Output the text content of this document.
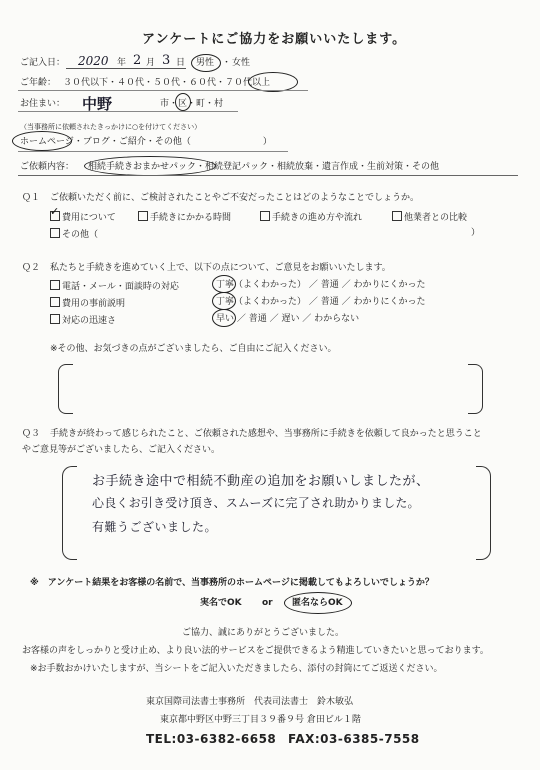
アンケートにご協力をお願いいたします。
ご記入日： 2020 年 2 月 3 日 男性 ・ 女性
ご年齢： ３０代以下・４０代・５０代・６０代・７０代以上
お住まい： 中野	市・区・町・村
（当事務所に依頼されたきっかけに○を付けてください）
ホームページ・ブログ・ご紹介・その他（　　　　　　　　）
ご依頼内容： 相続手続きおまかせパック・相続登記パック・相続放棄・遺言作成・生前対策・その他
Ｑ１ ご依頼いただく前に、ご検討されたことやご不安だったことはどのようなことでしょうか。
✓ 費用について	手続きにかかる時間	手続きの進め方や流れ	他業者との比較
その他（	）
Ｑ２ 私たちと手続きを進めていく上で、以下の点について、ご意見をお願いいたします。
電話・メール・面談時の対応	丁寧（よくわかった） ／ 普通 ／ わかりにくかった
費用の事前説明	丁寧（よくわかった） ／ 普通 ／ わかりにくかった
対応の迅速さ	早い ／ 普通 ／ 遅い ／ わからない
※その他、お気づきの点がございましたら、ご自由にご記入ください。
Ｑ３ 手続きが終わって感じられたこと、ご依頼された感想や、当事務所に手続きを依頼して良かったと思うこと
やご意見等がございましたら、ご記入ください。
お手続き途中で相続不動産の追加をお願いしましたが、
心良くお引き受け頂き、スムーズに完了され助かりました。
有難うございました。
※　アンケート結果をお客様の名前で、当事務所のホームページに掲載してもよろしいでしょうか？
実名でOK or 匿名ならOK
ご協力、誠にありがとうございました。
お客様の声をしっかりと受け止め、より良い法的サービスをご提供できるよう精進していきたいと思っております。
※お手数おかけいたしますが、当シートをご記入いただきましたら、添付の封筒にてご返送ください。
東京国際司法書士事務所　代表司法書士　鈴木敏弘
東京都中野区中野三丁目３９番９号 倉田ビル１階
TEL:03-6382-6658 FAX:03-6385-7558
